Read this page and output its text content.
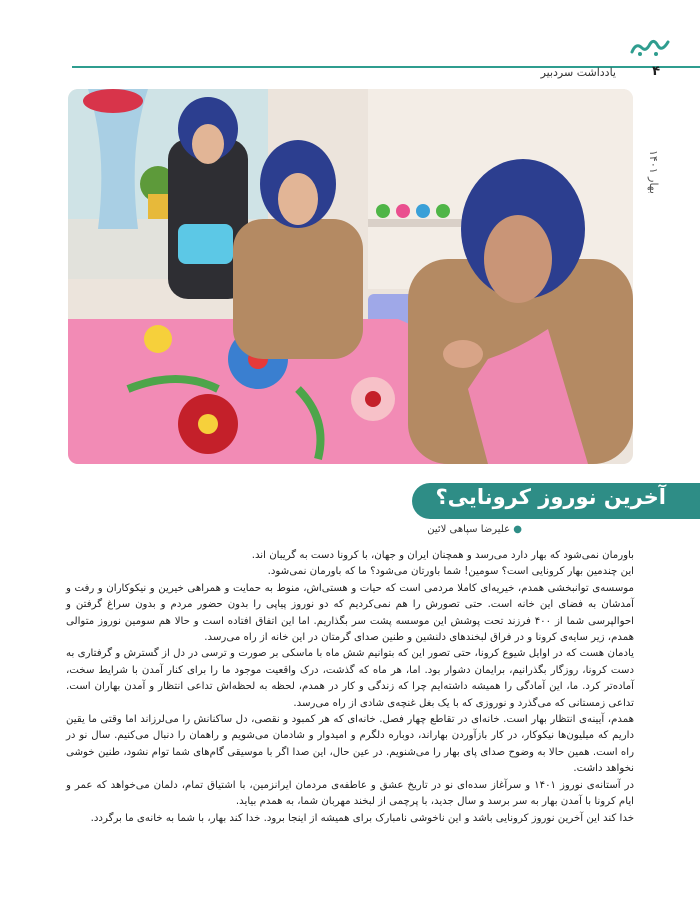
۴
یادداشت سردبیر
بهار ۱۴۰۱
آخرین نوروز کرونایی؟
● علیرضا سپاهی لائین

باورمان نمی‌شود که بهار دارد می‌رسد و همچنان ایران و جهان، با کرونا دست به گریبان اند.

این چندمین بهار کرونایی است؟ سومین! شما باورتان می‌شود؟ ما که باورمان نمی‌شود.

موسسه‌ی توانبخشی همدم، خیریه‌ای کاملا مردمی است که حیات و هستی‌اش، منوط به حمایت و همراهی خیرین و نیکوکاران و رفت و آمدشان به فضای این خانه است. حتی تصورش را هم نمی‌کردیم که دو نوروز پیاپی را بدون حضور مردم و بدون سراغ گرفتن و احوالپرسی شما از ۴۰۰ فرزند تحت پوشش این موسسه پشت سر بگذاریم. اما این اتفاق افتاده است و حالا هم سومین نوروز متوالی همدم، زیر سایه‌ی کرونا و در فراق لبخندهای دلنشین و طنین صدای گرمتان در این خانه از راه می‌رسد.

یادمان هست که در اوایل شیوع کرونا، حتی تصور این که بتوانیم شش ماه با ماسکی بر صورت و ترسی در دل از گسترش و گرفتاری به دست کرونا، روزگار بگذرانیم، برایمان دشوار بود. اما، هر ماه که گذشت، درک واقعیت موجود ما را برای کنار آمدن با شرایط سخت، آماده‌تر کرد. ما، این آمادگی را همیشه داشته‌ایم چرا که زندگی و کار در همدم، لحظه به لحظه‌اش تداعی انتظار و آمدن بهاران است. تداعی زمستانی که می‌گذرد و نوروزی که با یک بغل غنچه‌ی شادی از راه می‌رسد.

همدم، آیینه‌ی انتظار بهار است. خانه‌ای در تقاطع چهار فصل. خانه‌ای که هر کمبود و نقصی، دل ساکنانش را می‌لرزاند اما وقتی ما یقین داریم که میلیون‌ها نیکوکار، در کار بازآوردن بهاراند، دوباره دلگرم و امیدوار و شادمان می‌شویم و راهمان را دنبال می‌کنیم. سال نو در راه است. همین حالا به وضوح صدای پای بهار را می‌شنویم. در عین حال، این صدا اگر با موسیقی گام‌های شما توام نشود، طنین خوشی نخواهد داشت.

در آستانه‌ی نوروز ۱۴۰۱ و سرآغاز سده‌ای نو در تاریخ عشق و عاطفه‌ی مردمان ایرانزمین، با اشتیاق تمام، دلمان می‌خواهد که عمر و ایام کرونا با آمدن بهار به سر برسد و سال جدید، با پرچمی از لبخند مهربان شما، به همدم بیاید.

خدا کند این آخرین نوروز کرونایی باشد و این ناخوشی نامبارک برای همیشه از اینجا برود. خدا کند بهار، با شما به خانه‌ی ما برگردد.
